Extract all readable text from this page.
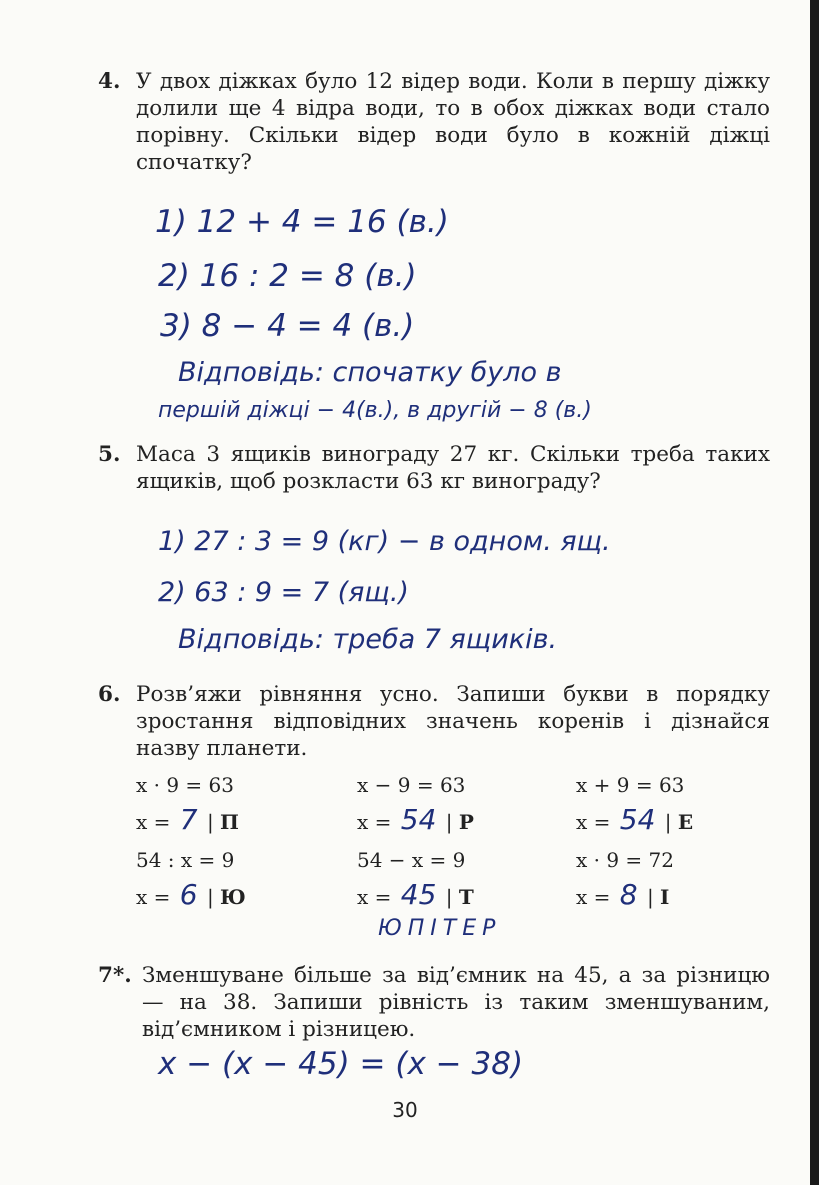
4. У двох діжках було 12 відер води. Коли в першу діжку долили ще 4 відра води, то в обох діжках води стало порівну. Скільки відер води було в кожній діжці спочатку?
1) 12 + 4 = 16 (в.)
2) 16 : 2 = 8 (в.)
3) 8 − 4 = 4 (в.)
Відповідь: спочатку було в
першій діжці − 4(в.), в другій − 8 (в.)
5. Маса 3 ящиків винограду 27 кг. Скільки треба таких ящиків, щоб розкласти 63 кг винограду?
1) 27 : 3 = 9 (кг) − в одном. ящ.
2) 63 : 9 = 7 (ящ.)
Відповідь: треба 7 ящиків.
6. Розв’яжи рівняння усно. Запиши букви в порядку зростання відповідних значень коренів і дізнайся назву планети.
x · 9 = 63	x − 9 = 63	x + 9 = 63
x = 7 | П	x = 54 | Р	x = 54 | Е
54 : x = 9	54 − x = 9	x · 9 = 72
x = 6 | Ю	x = 45 | Т	x = 8 | І
ЮПІТЕР
7*. Зменшуване більше за від’ємник на 45, а за різницю — на 38. Запиши рівність із таким зменшуваним, від’ємником і різницею.
x − (x − 45) = (x − 38)
30
